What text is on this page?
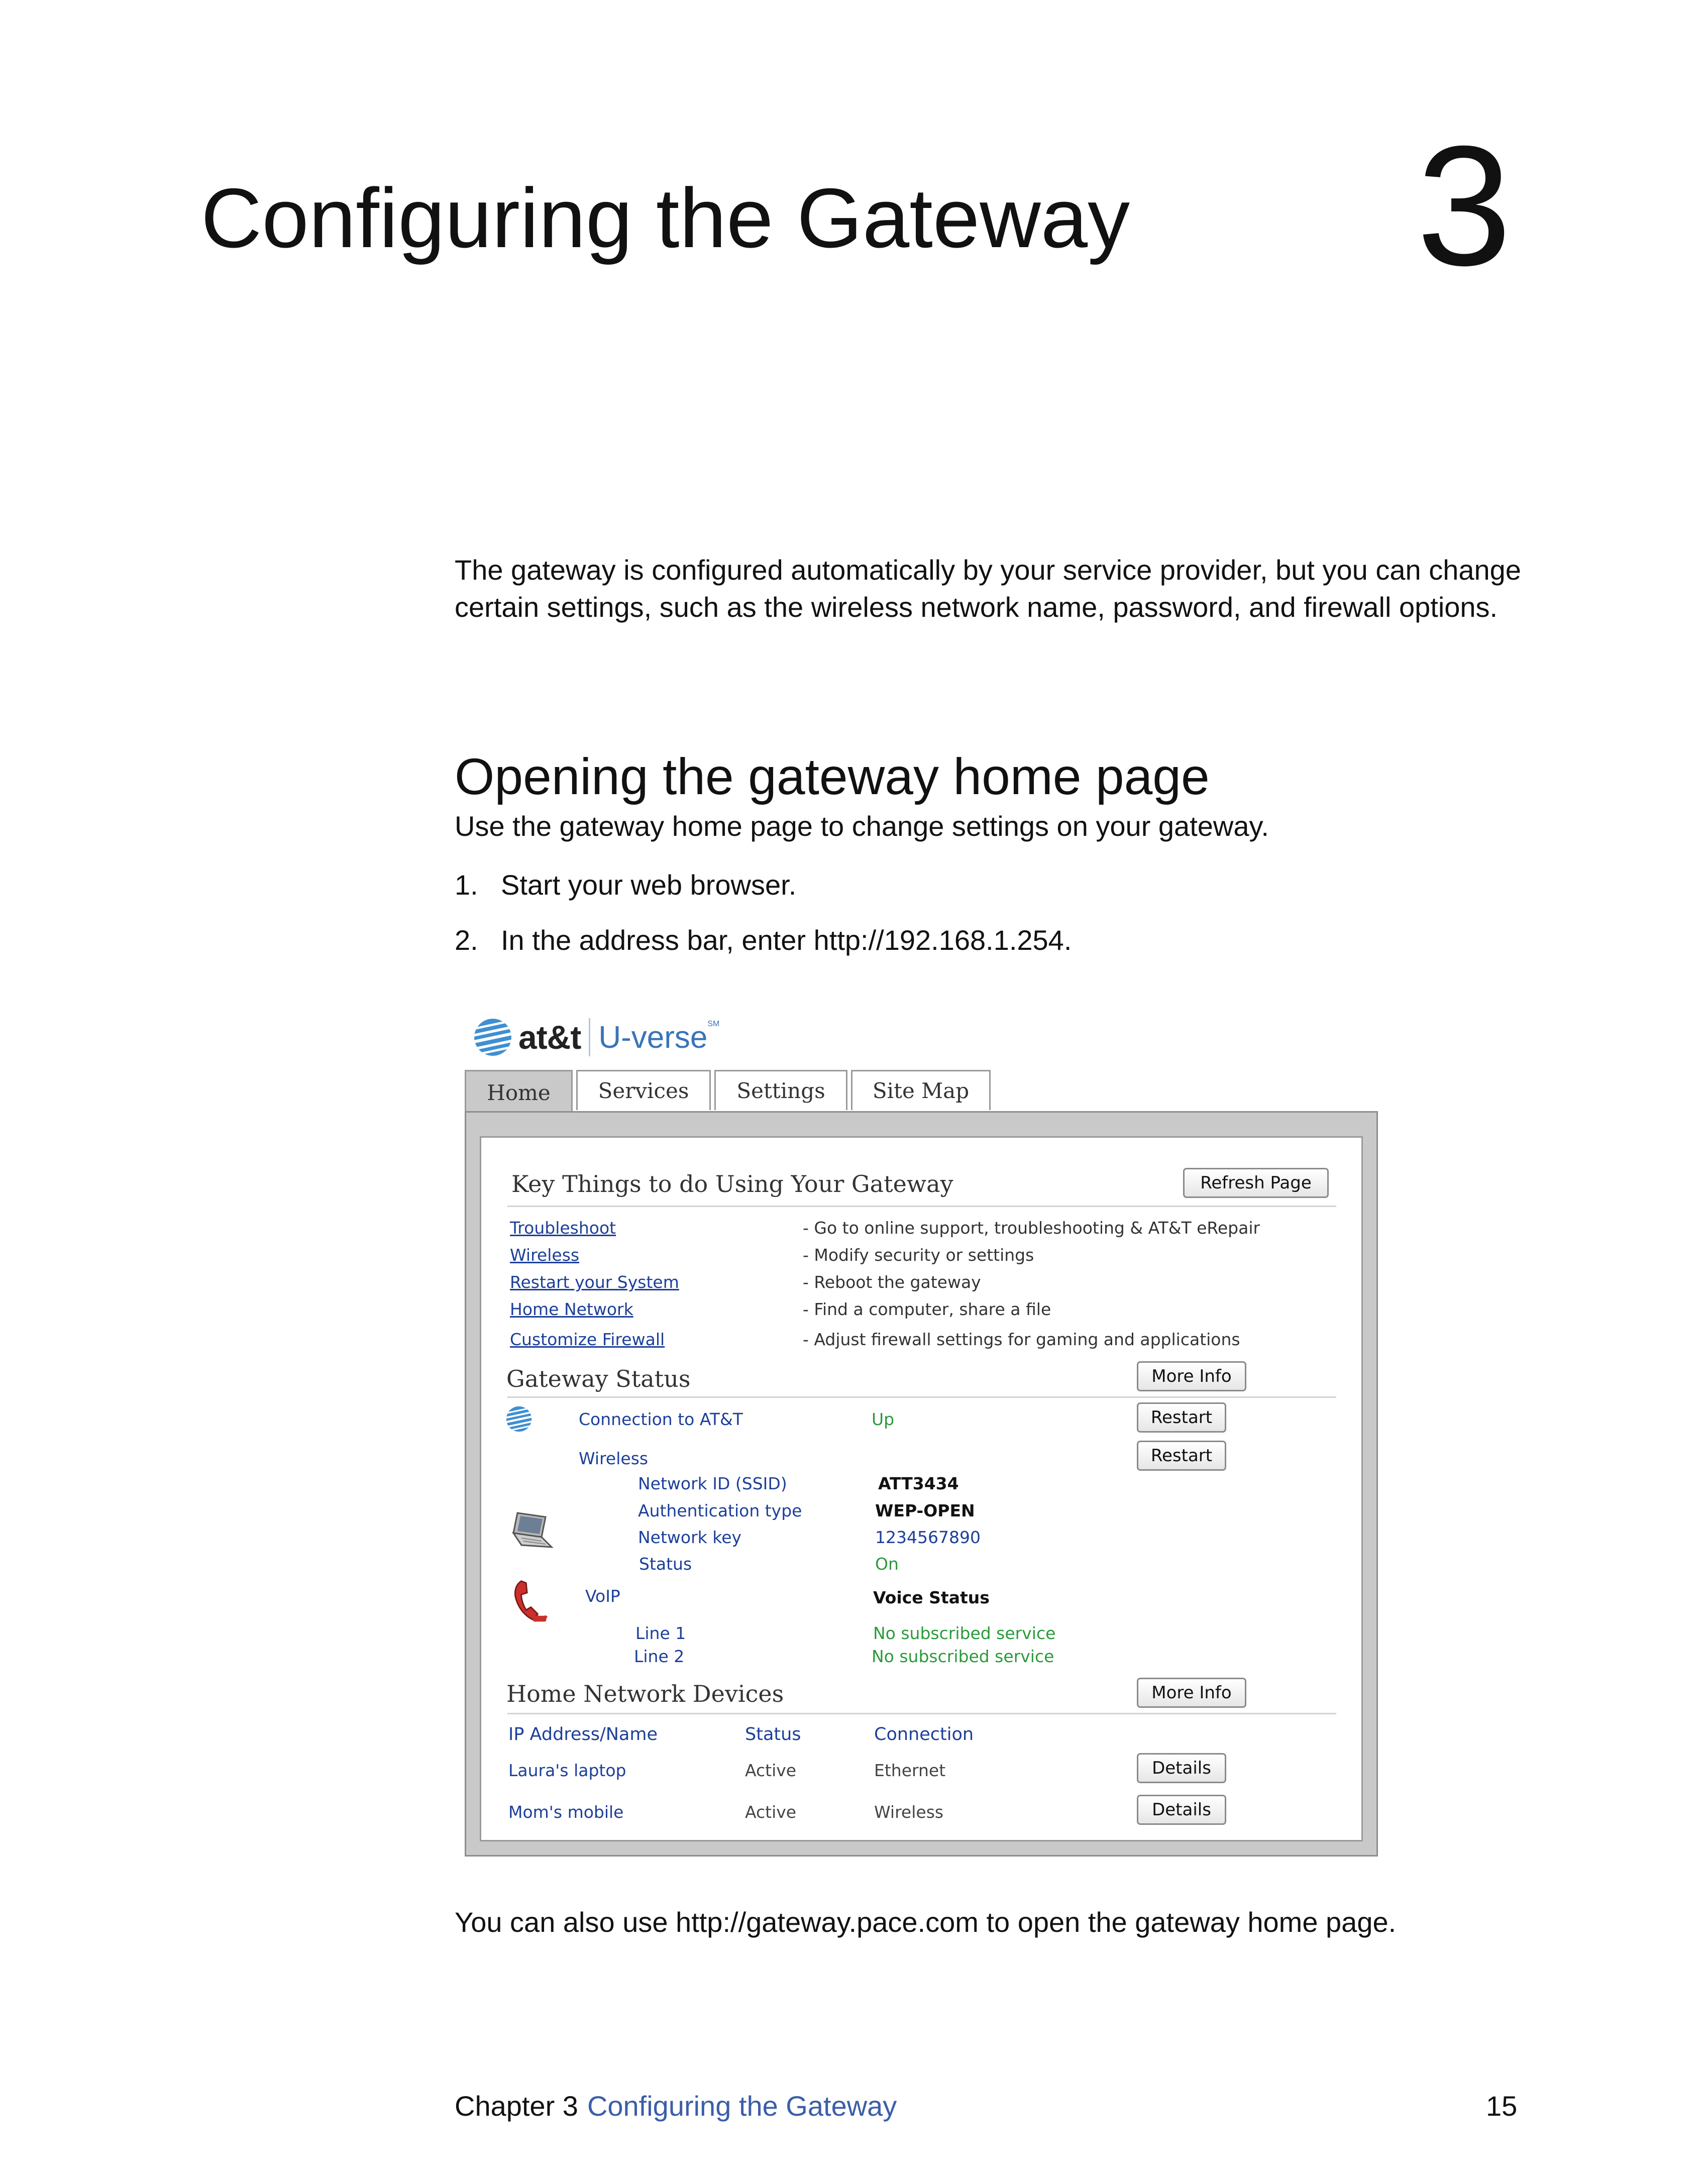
Configuring the Gateway 3
The gateway is configured automatically by your service provider, but you can change certain settings, such as the wireless network name, password, and firewall options.
Opening the gateway home page
Use the gateway home page to change settings on your gateway.
1. Start your web browser.
2. In the address bar, enter http://192.168.1.254.
at&t U-verse℠
Home	Services	Settings	Site Map
Key Things to do Using Your Gateway	Refresh Page
Troubleshoot	- Go to online support, troubleshooting & AT&T eRepair
Wireless	- Modify security or settings
Restart your System	- Reboot the gateway
Home Network	- Find a computer, share a file
Customize Firewall	- Adjust firewall settings for gaming and applications
Gateway Status	More Info
Connection to AT&T	Up	Restart
Wireless	Restart
Network ID (SSID)	ATT3434
Authentication type	WEP-OPEN
Network key	1234567890
Status	On
VoIP	Voice Status
Line 1	No subscribed service
Line 2	No subscribed service
Home Network Devices	More Info
IP Address/Name	Status	Connection
Laura's laptop	Active	Ethernet	Details
Mom's mobile	Active	Wireless	Details
You can also use http://gateway.pace.com to open the gateway home page.
Chapter 3 Configuring the Gateway	15
